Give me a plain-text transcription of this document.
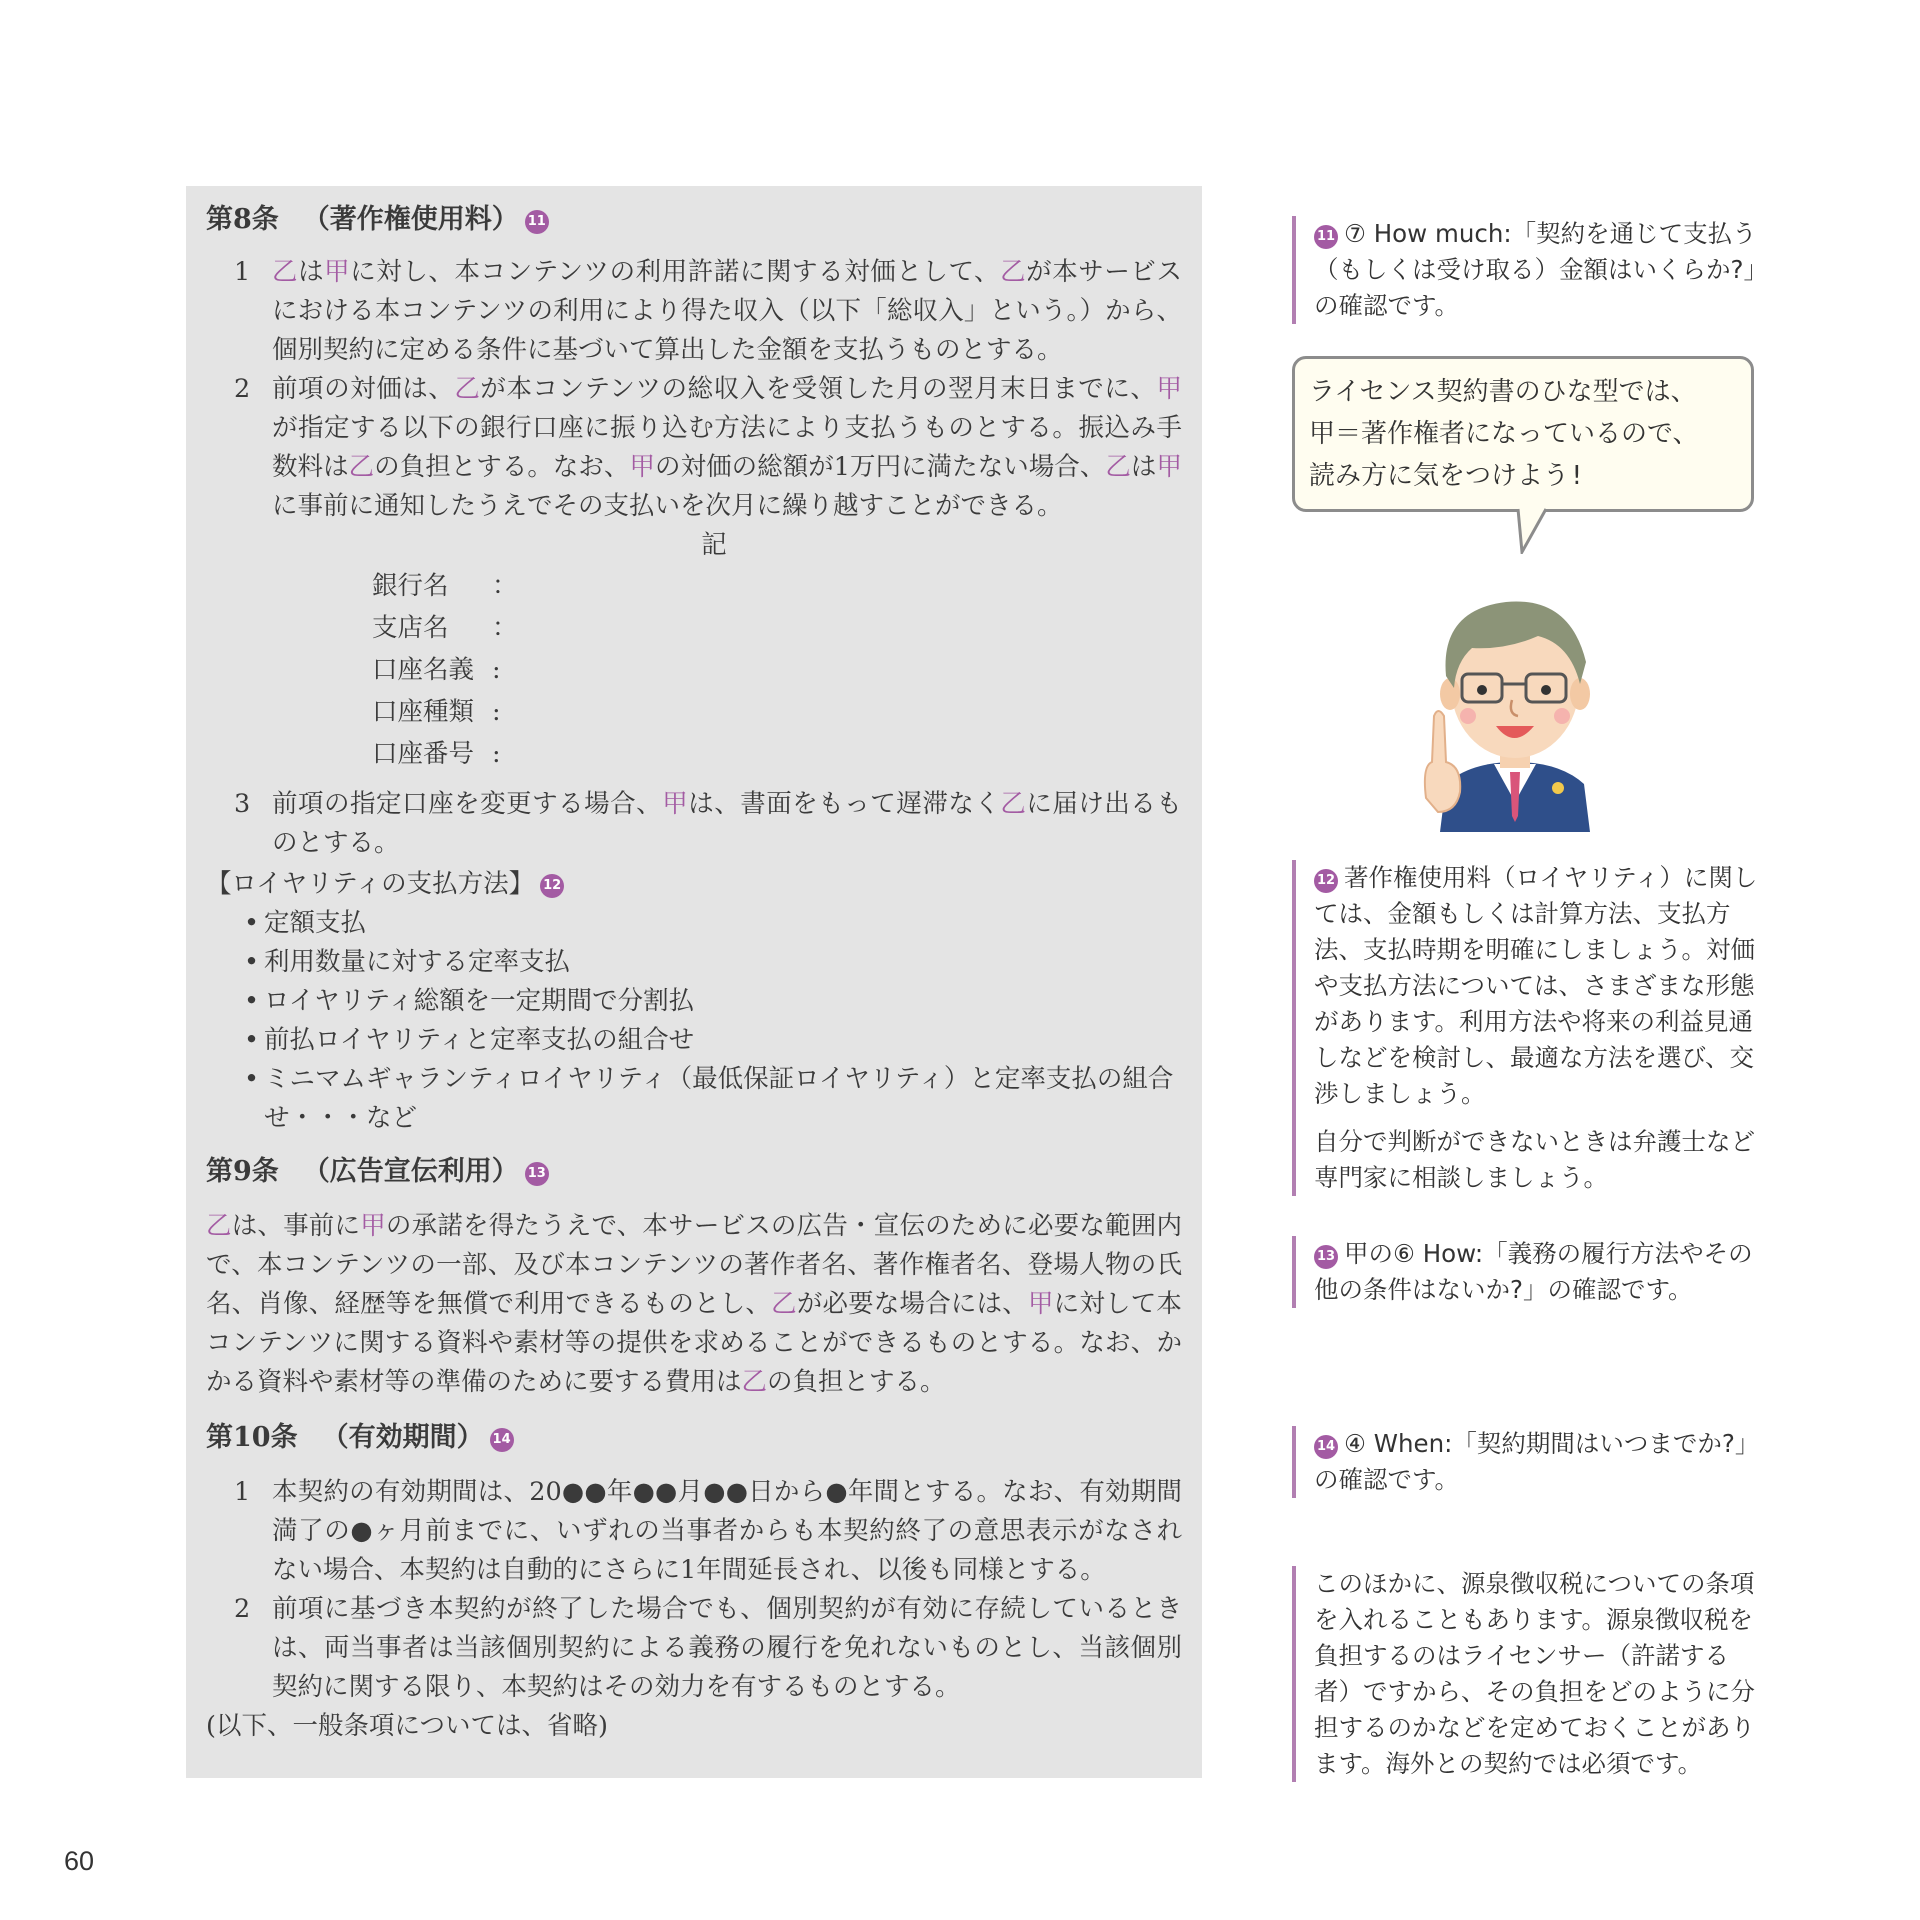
第8条 （著作権使用料） 11
1 乙は甲に対し、本コンテンツの利用許諾に関する対価として、乙が本サービスにおける本コンテンツの利用により得た収入（以下「総収入」という。）から、個別契約に定める条件に基づいて算出した金額を支払うものとする。
2 前項の対価は、乙が本コンテンツの総収入を受領した月の翌月末日までに、甲が指定する以下の銀行口座に振り込む方法により支払うものとする。振込み手数料は乙の負担とする。なお、甲の対価の総額が1万円に満たない場合、乙は甲に事前に通知したうえでその支払いを次月に繰り越すことができる。
記
銀行名 ：
支店名 ：
口座名義 :
口座種類 :
口座番号 :
3 前項の指定口座を変更する場合、甲は、書面をもって遅滞なく乙に届け出るものとする。
【ロイヤリティの支払方法】 12
• 定額支払
• 利用数量に対する定率支払
• ロイヤリティ総額を一定期間で分割払
• 前払ロイヤリティと定率支払の組合せ
• ミニマムギャランティロイヤリティ（最低保証ロイヤリティ）と定率支払の組合せ・・・など
第9条 （広告宣伝利用） 13
乙は、事前に甲の承諾を得たうえで、本サービスの広告・宣伝のために必要な範囲内で、本コンテンツの一部、及び本コンテンツの著作者名、著作権者名、登場人物の氏名、肖像、経歴等を無償で利用できるものとし、乙が必要な場合には、甲に対して本コンテンツに関する資料や素材等の提供を求めることができるものとする。なお、かかる資料や素材等の準備のために要する費用は乙の負担とする。
第10条 （有効期間） 14
1 本契約の有効期間は、20●●年●●月●●日から●年間とする。なお、有効期間満了の●ヶ月前までに、いずれの当事者からも本契約終了の意思表示がなされない場合、本契約は自動的にさらに1年間延長され、以後も同様とする。
2 前項に基づき本契約が終了した場合でも、個別契約が有効に存続しているときは、両当事者は当該個別契約による義務の履行を免れないものとし、当該個別契約に関する限り、本契約はその効力を有するものとする。
(以下、一般条項については、省略)
60

11 ⑦ How much:「契約を通じて支払う（もしくは受け取る）金額はいくらか?」の確認です。

ライセンス契約書のひな型では、
甲＝著作権者になっているので、
読み方に気をつけよう!

12 著作権使用料（ロイヤリティ）に関しては、金額もしくは計算方法、支払方法、支払時期を明確にしましょう。対価や支払方法については、さまざまな形態があります。利用方法や将来の利益見通しなどを検討し、最適な方法を選び、交渉しましょう。

自分で判断ができないときは弁護士など専門家に相談しましょう。

13 甲の⑥ How:「義務の履行方法やその他の条件はないか?」の確認です。

14 ④ When:「契約期間はいつまでか?」の確認です。

このほかに、源泉徴収税についての条項を入れることもあります。源泉徴収税を負担するのはライセンサー（許諾する者）ですから、その負担をどのように分担するのかなどを定めておくことがあります。海外との契約では必須です。
